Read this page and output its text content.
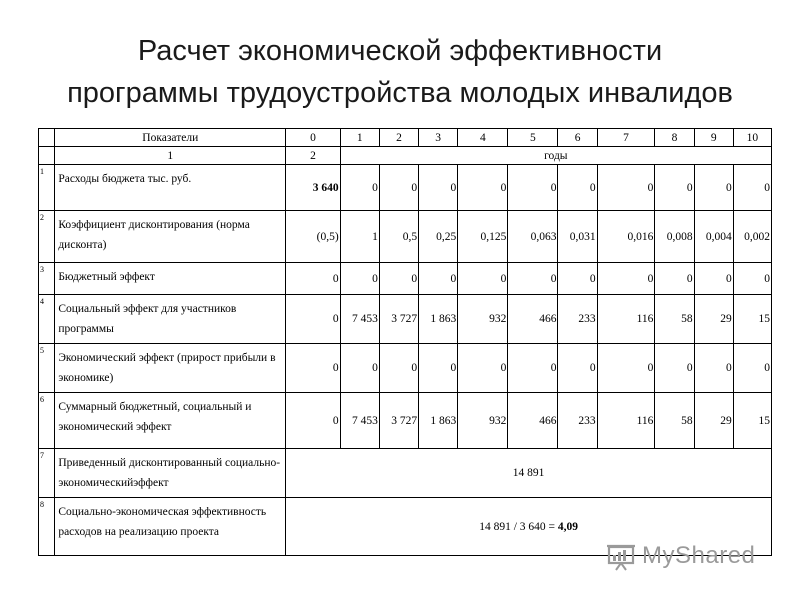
Расчет экономической эффективности
программы трудоустройства молодых инвалидов
	Показатели	0	1	2	3	4	5	6	7	8	9	10
	1	2	годы									
1	Расходы бюджета тыс. руб.	3 640	0	0	0	0	0	0	0	0	0	0
2	Коэффициент дисконтирования (норма дисконта)	(0,5)	1	0,5	0,25	0,125	0,063	0,031	0,016	0,008	0,004	0,002
3	Бюджетный эффект	0	0	0	0	0	0	0	0	0	0	0
4	Социальный эффект для участников программы	0	7 453	3 727	1 863	932	466	233	116	58	29	15
5	Экономический эффект (прирост прибыли в экономике)	0	0	0	0	0	0	0	0	0	0	0
6	Суммарный бюджетный, социальный и экономический эффект	0	7 453	3 727	1 863	932	466	233	116	58	29	15
7	Приведенный дисконтированный социально-экономическийэффект	14 891										
8	Социально-экономическая эффективность расходов на реализацию проекта	14 891 / 3 640 = 4,09										
MyShared
